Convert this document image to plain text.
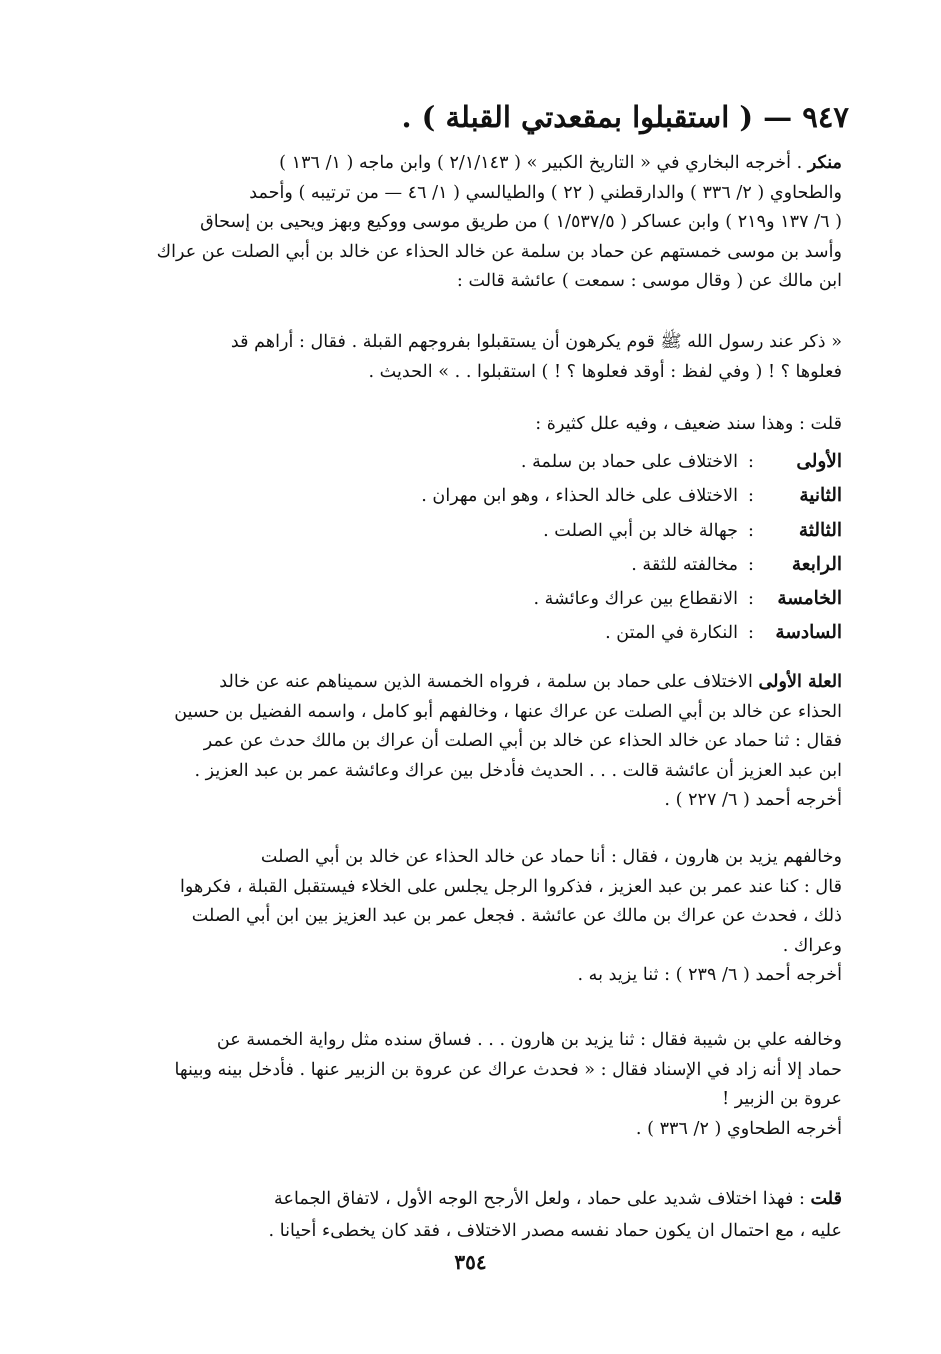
٩٤٧ — ( استقبلوا بمقعدتي القبلة ) .
منكر . أخرجه البخاري في « التاريخ الكبير » ( ٢/١/١٤٣ ) وابن ماجه ( ١/ ١٣٦ )
والطحاوي ( ٢/ ٣٣٦ ) والدارقطني ( ٢٢ ) والطيالسي ( ١/ ٤٦ — من ترتيبه ) وأحمد
( ٦/ ١٣٧ و٢١٩ ) وابن عساكر ( ١/٥٣٧/٥ ) من طريق موسى ووكيع وبهز ويحيى بن إسحاق
وأسد بن موسى خمستهم عن حماد بن سلمة عن خالد الحذاء عن خالد بن أبي الصلت عن عراك
ابن مالك عن ( وقال موسى : سمعت ) عائشة قالت :
« ذكر عند رسول الله ﷺ قوم يكرهون أن يستقبلوا بفروجهم القبلة . فقال : أراهم قد
فعلوها ؟ ! ( وفي لفظ : أوقد فعلوها ؟ ! ) استقبلوا . . » الحديث .
قلت : وهذا سند ضعيف ، وفيه علل كثيرة :
الأولى
:
الاختلاف على حماد بن سلمة .
الثانية
:
الاختلاف على خالد الحذاء ، وهو ابن مهران .
الثالثة
:
جهالة خالد بن أبي الصلت .
الرابعة
:
مخالفته للثقة .
الخامسة
:
الانقطاع بين عراك وعائشة .
السادسة
:
النكارة في المتن .
العلة الأولى الاختلاف على حماد بن سلمة ، فرواه الخمسة الذين سميناهم عنه عن خالد
الحذاء عن خالد بن أبي الصلت عن عراك عنها ، وخالفهم أبو كامل ، واسمه الفضيل بن حسين
فقال : ثنا حماد عن خالد الحذاء عن خالد بن أبي الصلت أن عراك بن مالك حدث عن عمر
ابن عبد العزيز أن عائشة قالت . . . الحديث فأدخل بين عراك وعائشة عمر بن عبد العزيز .
أخرجه أحمد ( ٦/ ٢٢٧ ) .
وخالفهم يزيد بن هارون ، فقال : أنا حماد عن خالد الحذاء عن خالد بن أبي الصلت
قال : كنا عند عمر بن عبد العزيز ، فذكروا الرجل يجلس على الخلاء فيستقبل القبلة ، فكرهوا
ذلك ، فحدث عن عراك بن مالك عن عائشة . فجعل عمر بن عبد العزيز بين ابن أبي الصلت
وعراك .
أخرجه أحمد ( ٦/ ٢٣٩ ) : ثنا يزيد به .
وخالفه علي بن شيبة فقال : ثنا يزيد بن هارون . . . فساق سنده مثل رواية الخمسة عن
حماد إلا أنه زاد في الإسناد فقال : « فحدث عراك عن عروة بن الزبير عنها . فأدخل بينه وبينها
عروة بن الزبير !
أخرجه الطحاوي ( ٢/ ٣٣٦ ) .
قلت : فهذا اختلاف شديد على حماد ، ولعل الأرجح الوجه الأول ، لاتفاق الجماعة
عليه ، مع احتمال ان يكون حماد نفسه مصدر الاختلاف ، فقد كان يخطىء أحيانا .
٣٥٤
